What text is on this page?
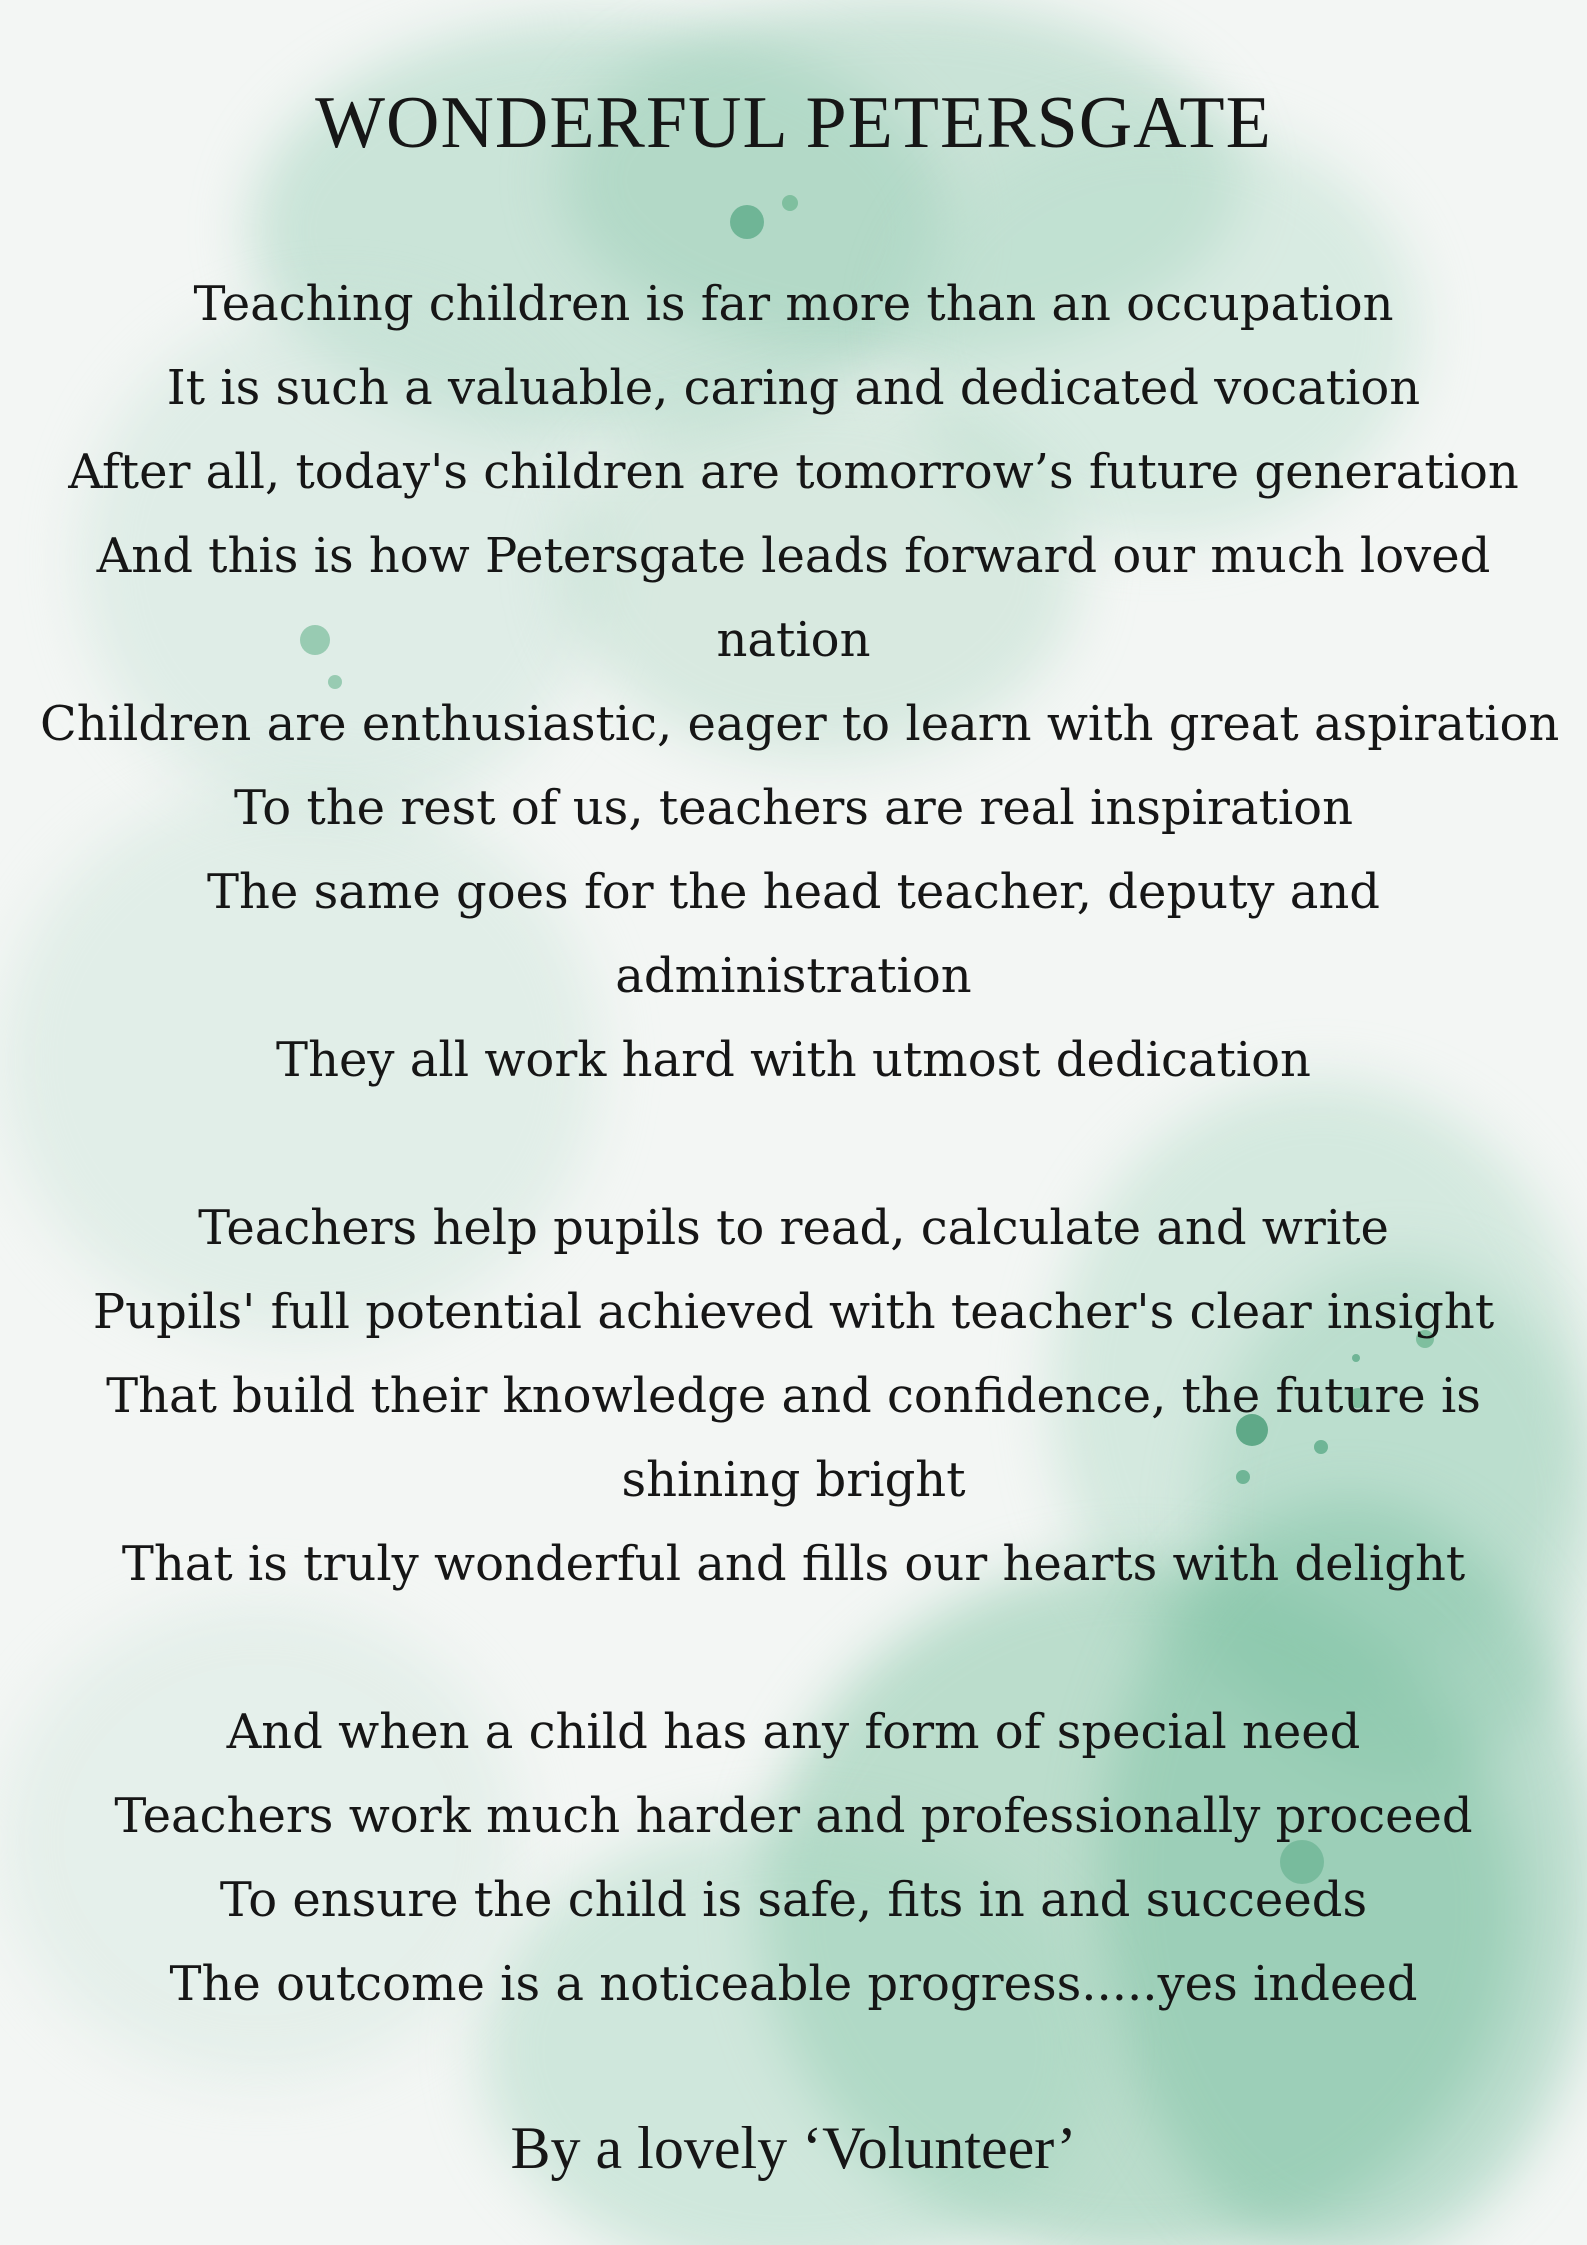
WONDERFUL PETERSGATE
Teaching children is far more than an occupation
It is such a valuable, caring and dedicated vocation
After all, today's children are tomorrow’s future generation
And this is how Petersgate leads forward our much loved
nation
Children are enthusiastic, eager to learn with great aspiration
To the rest of us, teachers are real inspiration
The same goes for the head teacher, deputy and
administration
They all work hard with utmost dedication
Teachers help pupils to read, calculate and write
Pupils' full potential achieved with teacher's clear insight
That build their knowledge and confidence, the future is
shining bright
That is truly wonderful and fills our hearts with delight
And when a child has any form of special need
Teachers work much harder and professionally proceed
To ensure the child is safe, fits in and succeeds
The outcome is a noticeable progress.....yes indeed
By a lovely ‘Volunteer’
